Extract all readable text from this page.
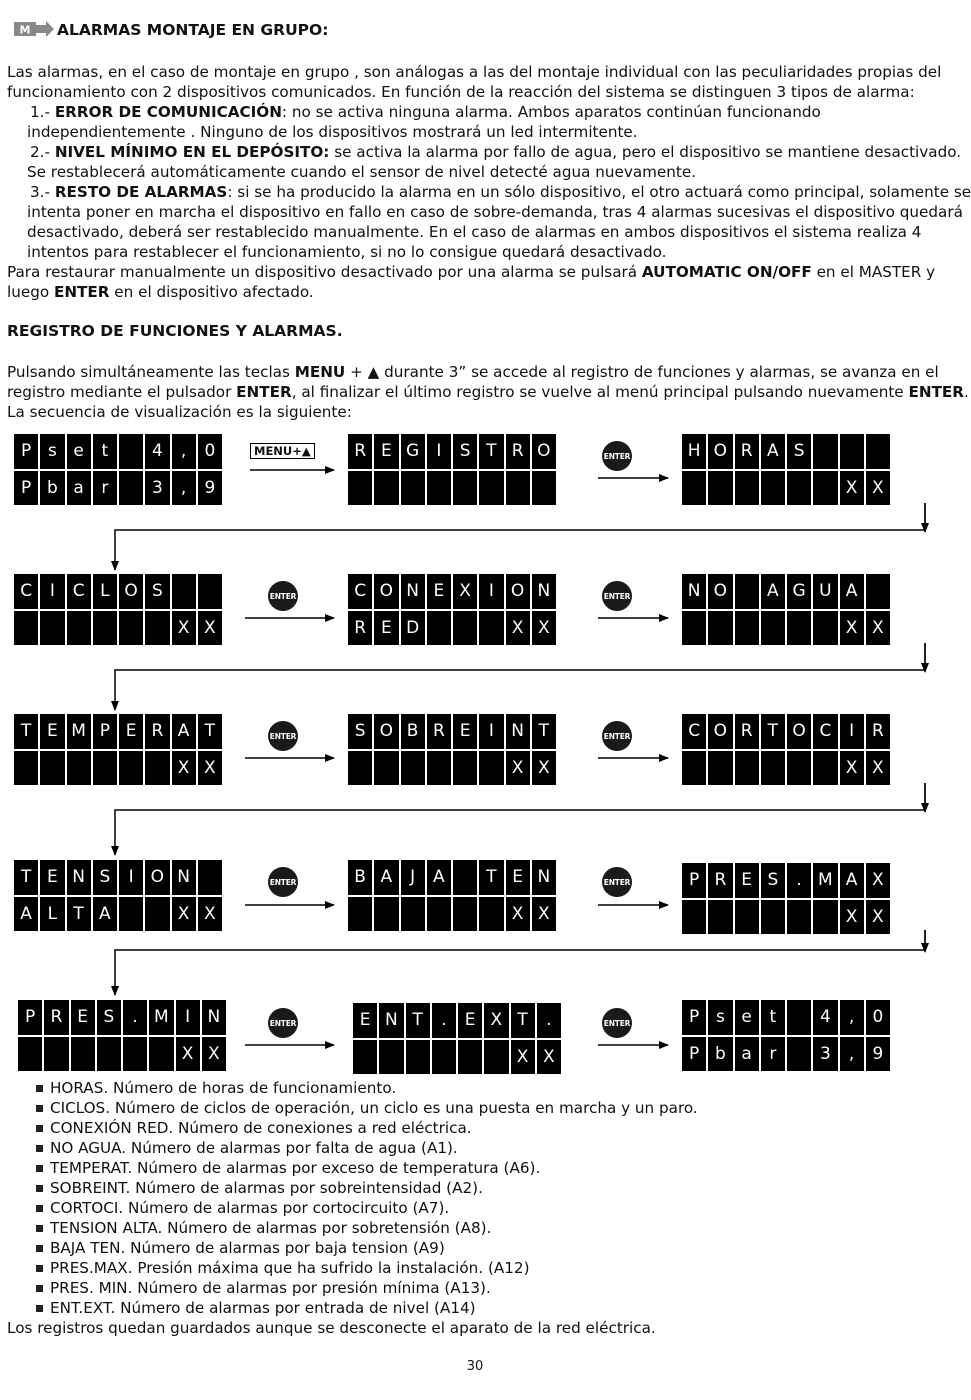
M ALARMAS MONTAJE EN GRUPO:
Las alarmas, en el caso de montaje en grupo , son análogas a las del montaje individual con las peculiaridades propias del
funcionamiento con 2 dispositivos comunicados. En función de la reacción del sistema se distinguen 3 tipos de alarma:
1.- ERROR DE COMUNICACIÓN: no se activa ninguna alarma. Ambos aparatos continúan funcionando
independientemente . Ninguno de los dispositivos mostrará un led intermitente.
2.- NIVEL MÍNIMO EN EL DEPÓSITO: se activa la alarma por fallo de agua, pero el dispositivo se mantiene desactivado.
Se restablecerá automáticamente cuando el sensor de nivel detecté agua nuevamente.
3.- RESTO DE ALARMAS: si se ha producido la alarma en un sólo dispositivo, el otro actuará como principal, solamente se
intenta poner en marcha el dispositivo en fallo en caso de sobre-demanda, tras 4 alarmas sucesivas el dispositivo quedará
desactivado, deberá ser restablecido manualmente. En el caso de alarmas en ambos dispositivos el sistema realiza 4
intentos para restablecer el funcionamiento, si no lo consigue quedará desactivado.
Para restaurar manualmente un dispositivo desactivado por una alarma se pulsará AUTOMATIC ON/OFF en el MASTER y
luego ENTER en el dispositivo afectado.
REGISTRO DE FUNCIONES Y ALARMAS.
Pulsando simultáneamente las teclas MENU + ▲ durante 3” se accede al registro de funciones y alarmas, se avanza en el
registro mediante el pulsador ENTER, al finalizar el último registro se vuelve al menú principal pulsando nuevamente ENTER.
La secuencia de visualización es la siguiente:
MENU+▲
P s e	t	4	,	0
P b a	r	3	,	9
R E G	I	S T R O	H O R A S
X X
C	I	C L O S
X X
C O N E X	I	O N
R E D	X X
N O	A G U A
X X
T E M P E R A T
X X
S O B R E	I	N T
X X
C O R T O C	I	R
X X
T E N S	I	O N
A L T A	X X
B A	J	A	T E N
X X
P R E S	. M A X
X X
P R E S	. M I	N
X X
E N T	.	E X T	.
X X
P s e	t	4	,	0
P b a	r	3	,	9
ENTER
ENTER	ENTER
ENTER	ENTER
ENTER	ENTER
ENTER	ENTER
HORAS. Número de horas de funcionamiento.
CICLOS. Número de ciclos de operación, un ciclo es una puesta en marcha y un paro.
CONEXIÓN RED. Número de conexiones a red eléctrica.
NO AGUA. Número de alarmas por falta de agua (A1).
TEMPERAT. Número de alarmas por exceso de temperatura (A6).
SOBREINT. Número de alarmas por sobreintensidad (A2).
CORTOCI. Número de alarmas por cortocircuito (A7).
TENSION ALTA. Número de alarmas por sobretensión (A8).
BAJA TEN. Número de alarmas por baja tension (A9)
PRES.MAX. Presión máxima que ha sufrido la instalación. (A12)
PRES. MIN. Número de alarmas por presión mínima (A13).
ENT.EXT. Número de alarmas por entrada de nivel (A14)
Los registros quedan guardados aunque se desconecte el aparato de la red eléctrica.
30
